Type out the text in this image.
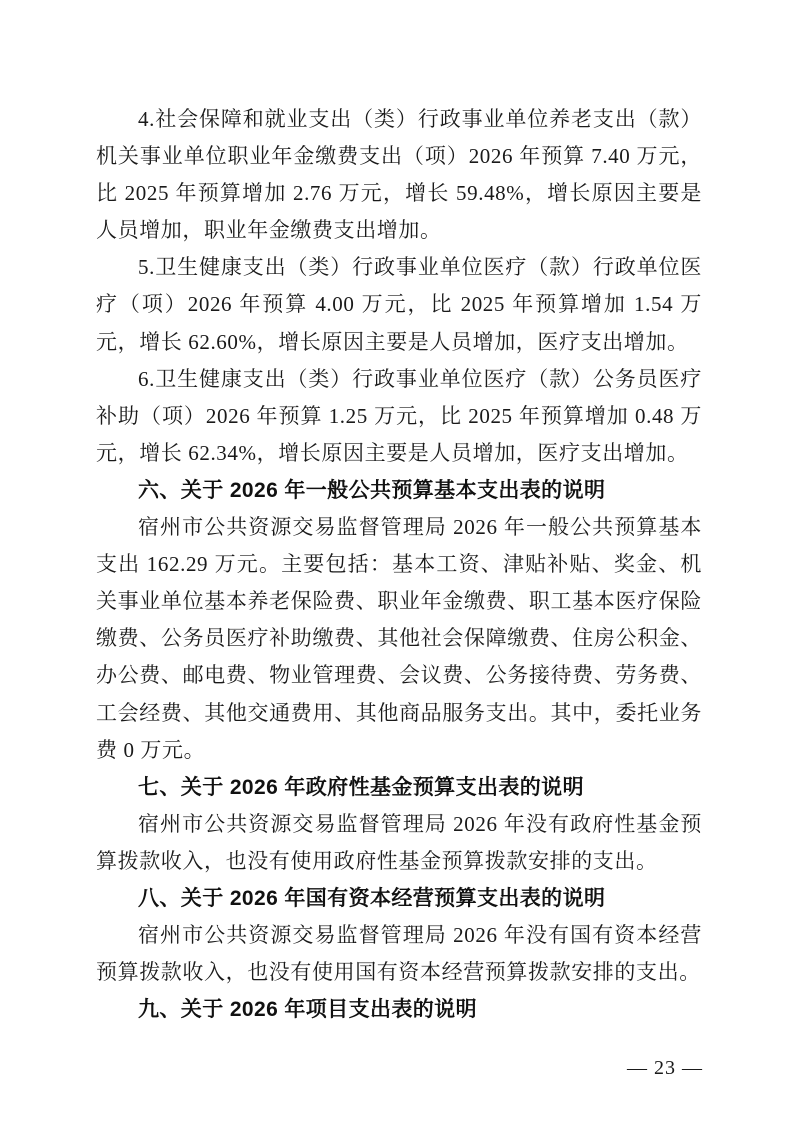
4.社会保障和就业支出（类）行政事业单位养老支出（款）机关事业单位职业年金缴费支出（项）2026 年预算 7.40 万元，比 2025 年预算增加 2.76 万元，增长 59.48%，增长原因主要是人员增加，职业年金缴费支出增加。

5.卫生健康支出（类）行政事业单位医疗（款）行政单位医疗（项）2026 年预算 4.00 万元，比 2025 年预算增加 1.54 万元，增长 62.60%，增长原因主要是人员增加，医疗支出增加。

6.卫生健康支出（类）行政事业单位医疗（款）公务员医疗补助（项）2026 年预算 1.25 万元，比 2025 年预算增加 0.48 万元，增长 62.34%，增长原因主要是人员增加，医疗支出增加。

六、关于 2026 年一般公共预算基本支出表的说明

宿州市公共资源交易监督管理局 2026 年一般公共预算基本支出 162.29 万元。主要包括：基本工资、津贴补贴、奖金、机关事业单位基本养老保险费、职业年金缴费、职工基本医疗保险缴费、公务员医疗补助缴费、其他社会保障缴费、住房公积金、办公费、邮电费、物业管理费、会议费、公务接待费、劳务费、工会经费、其他交通费用、其他商品服务支出。其中，委托业务费 0 万元。

七、关于 2026 年政府性基金预算支出表的说明

宿州市公共资源交易监督管理局 2026 年没有政府性基金预算拨款收入，也没有使用政府性基金预算拨款安排的支出。

八、关于 2026 年国有资本经营预算支出表的说明

宿州市公共资源交易监督管理局 2026 年没有国有资本经营预算拨款收入，也没有使用国有资本经营预算拨款安排的支出。

九、关于 2026 年项目支出表的说明
— 23 —
